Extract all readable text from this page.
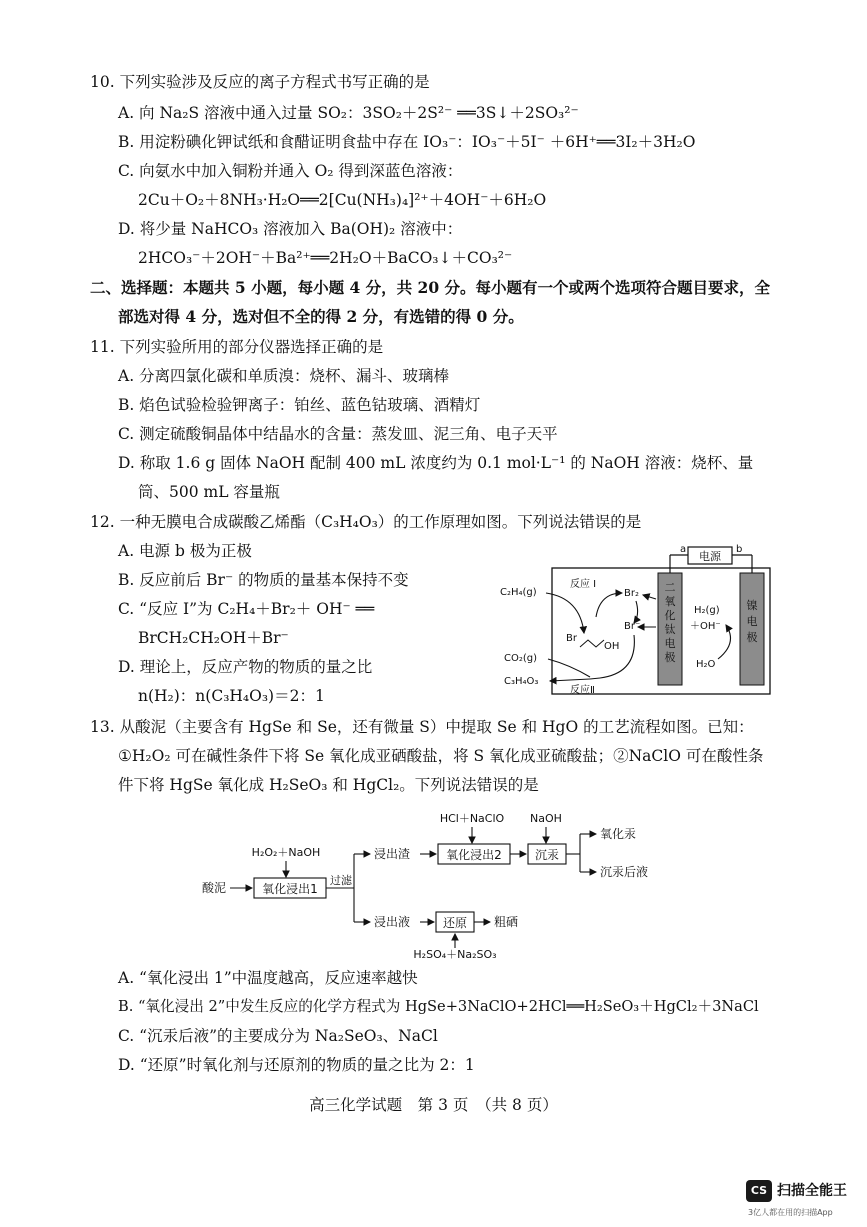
10. 下列实验涉及反应的离子方程式书写正确的是
A. 向 Na₂S 溶液中通入过量 SO₂：3SO₂＋2S²⁻ ══3S↓＋2SO₃²⁻
B. 用淀粉碘化钾试纸和食醋证明食盐中存在 IO₃⁻：IO₃⁻＋5I⁻ ＋6H⁺══3I₂＋3H₂O
C. 向氨水中加入铜粉并通入 O₂ 得到深蓝色溶液：
2Cu＋O₂＋8NH₃·H₂O══2[Cu(NH₃)₄]²⁺＋4OH⁻＋6H₂O
D. 将少量 NaHCO₃ 溶液加入 Ba(OH)₂ 溶液中：
2HCO₃⁻＋2OH⁻＋Ba²⁺══2H₂O＋BaCO₃↓＋CO₃²⁻
二、选择题：本题共 5 小题，每小题 4 分，共 20 分。每小题有一个或两个选项符合题目要求，全
部选对得 4 分，选对但不全的得 2 分，有选错的得 0 分。
11. 下列实验所用的部分仪器选择正确的是
A. 分离四氯化碳和单质溴：烧杯、漏斗、玻璃棒
B. 焰色试验检验钾离子：铂丝、蓝色钴玻璃、酒精灯
C. 测定硫酸铜晶体中结晶水的含量：蒸发皿、泥三角、电子天平
D. 称取 1.6 g 固体 NaOH 配制 400 mL 浓度约为 0.1 mol·L⁻¹ 的 NaOH 溶液：烧杯、量
筒、500 mL 容量瓶
12. 一种无膜电合成碳酸乙烯酯（C₃H₄O₃）的工作原理如图。下列说法错误的是
A. 电源 b 极为正极
B. 反应前后 Br⁻ 的物质的量基本保持不变
C. “反应 I”为 C₂H₄＋Br₂＋ OH⁻ ══
BrCH₂CH₂OH＋Br⁻
D. 理论上，反应产物的物质的量之比
n(H₂)：n(C₃H₄O₃)＝2：1
电源
a	b
二
氧
化
钛
电
极
镍
电
极
C₂H₄(g)
反应 I
Br₂
Br⁻
Br
OH
CO₂(g)
C₃H₄O₃
反应Ⅱ
H₂(g)
＋OH⁻
H₂O
13. 从酸泥（主要含有 HgSe 和 Se，还有微量 S）中提取 Se 和 HgO 的工艺流程如图。已知：
①H₂O₂ 可在碱性条件下将 Se 氧化成亚硒酸盐，将 S 氧化成亚硫酸盐；②NaClO 可在酸性条
件下将 HgSe 氧化成 H₂SeO₃ 和 HgCl₂。下列说法错误的是
H₂O₂＋NaOH
酸泥	氧化浸出1
过滤
浸出渣
HCl＋NaClO
氧化浸出2
NaOH
沉汞
氧化汞
沉汞后液
浸出液	还原 粗硒
H₂SO₄＋Na₂SO₃
A. “氧化浸出 1”中温度越高，反应速率越快
B. “氧化浸出 2”中发生反应的化学方程式为 HgSe+3NaClO+2HCl══H₂SeO₃＋HgCl₂＋3NaCl
C. “沉汞后液”的主要成分为 Na₂SeO₃、NaCl
D. “还原”时氧化剂与还原剂的物质的量之比为 2：1
高三化学试题　第 3 页　（共 8 页）
CS 扫描全能王
3亿人都在用的扫描App
